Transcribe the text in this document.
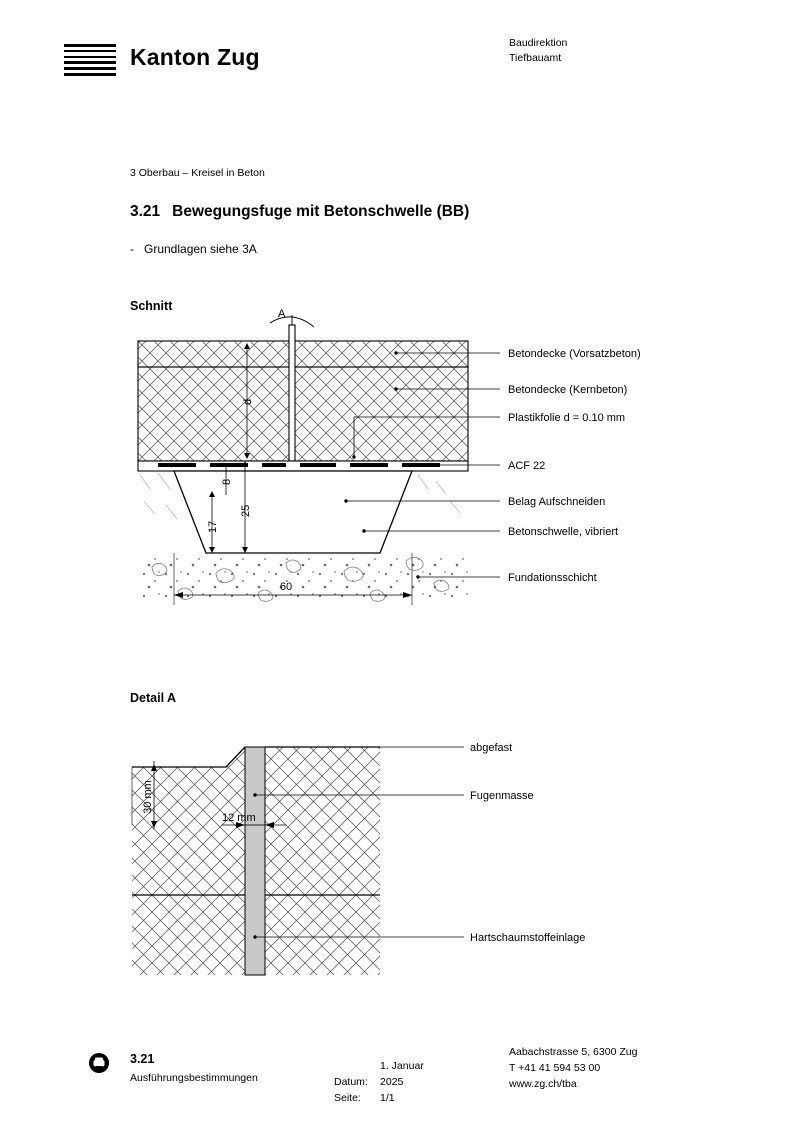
Kanton Zug
Baudirektion
Tiefbauamt
3 Oberbau – Kreisel in Beton
3.21 Bewegungsfuge mit Betonschwelle (BB)
- Grundlagen siehe 3A
Schnitt
A
d
8
25
17
60
Betondecke (Vorsatzbeton)
Betondecke (Kernbeton)
Plastikfolie d = 0.10 mm
ACF 22
Belag Aufschneiden
Betonschwelle, vibriert
Fundationsschicht
Detail A
30 mm
12 mm
abgefast
Fugenmasse
Hartschaumstoffeinlage
3.21
Ausführungsbestimmungen	Datum:1. Januar 2025
Seite: 1/1
Aabachstrasse 5, 6300 Zug
T +41 41 594 53 00
www.zg.ch/tba
